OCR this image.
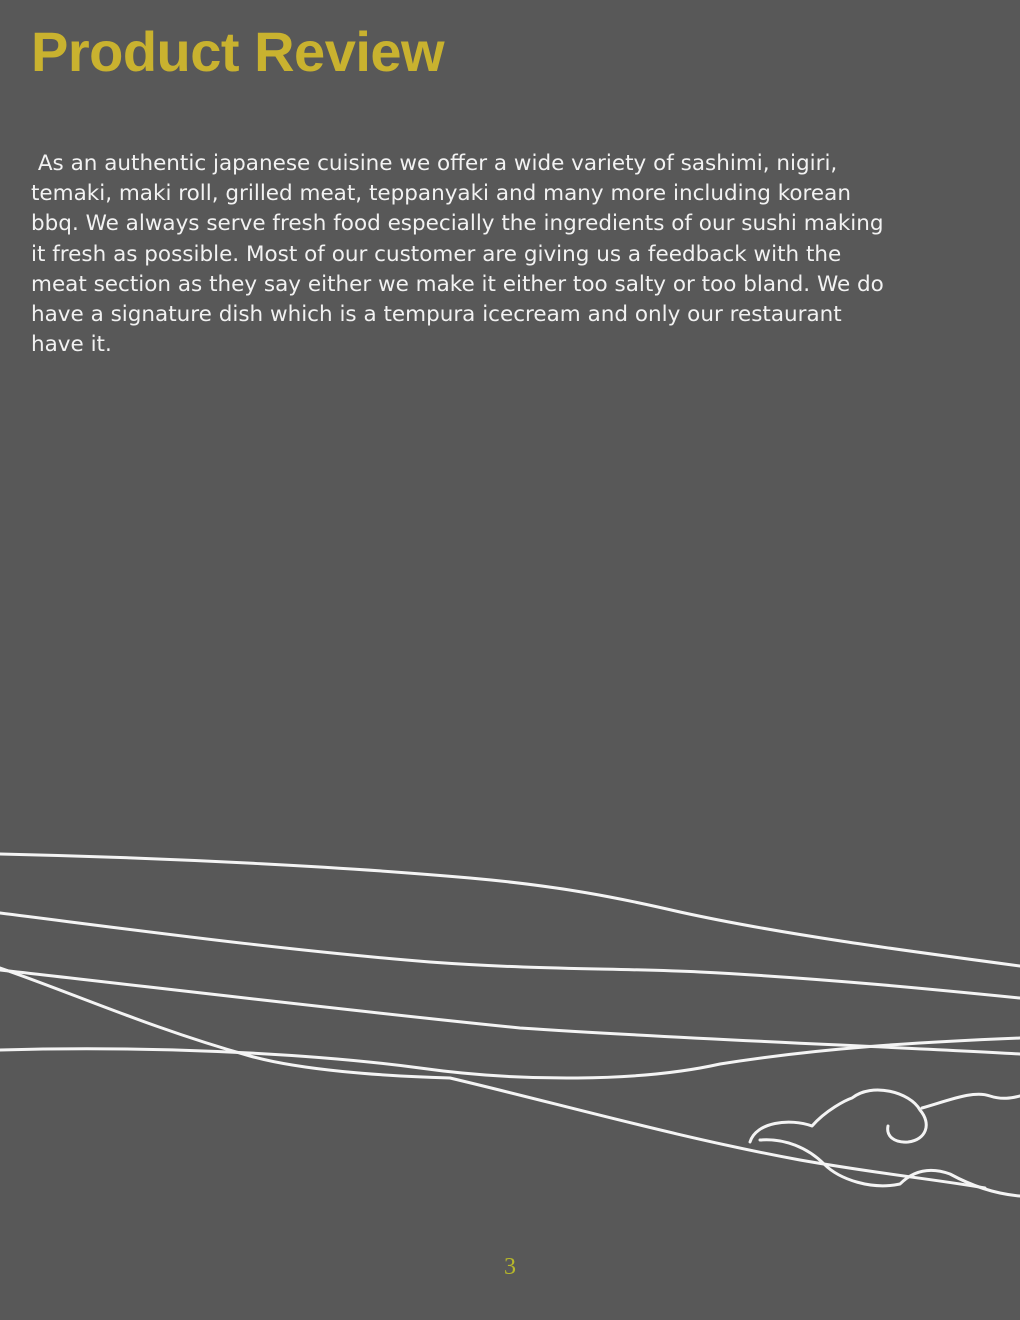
Product Review

As an authentic japanese cuisine we offer a wide variety of sashimi, nigiri, temaki, maki roll, grilled meat, teppanyaki and many more including korean bbq. We always serve fresh food especially the ingredients of our sushi making it fresh as possible. Most of our customer are giving us a feedback with the meat section as they say either we make it either too salty or too bland. We do have a signature dish which is a tempura icecream and only our restaurant have it.

3
